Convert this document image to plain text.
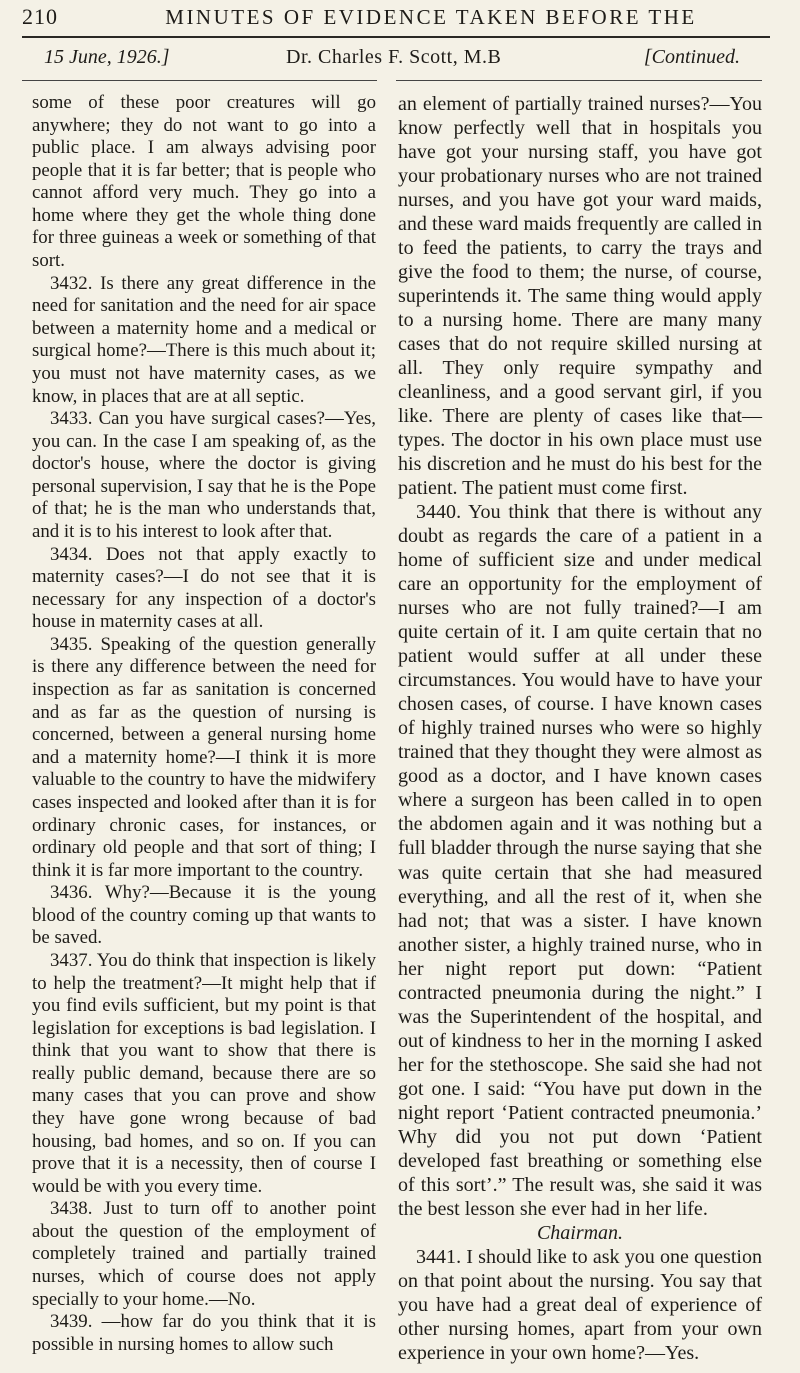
210	MINUTES OF EVIDENCE TAKEN BEFORE THE
15 June, 1926.]	Dr. Charles F. Scott, M.B	[Continued.

some of these poor creatures will go anywhere; they do not want to go into a public place. I am always advising poor people that it is far better; that is people who cannot afford very much. They go into a home where they get the whole thing done for three guineas a week or something of that sort.

3432. Is there any great difference in the need for sanitation and the need for air space between a maternity home and a medical or surgical home?—There is this much about it; you must not have maternity cases, as we know, in places that are at all septic.

3433. Can you have surgical cases?—Yes, you can. In the case I am speaking of, as the doctor's house, where the doctor is giving personal supervision, I say that he is the Pope of that; he is the man who understands that, and it is to his interest to look after that.

3434. Does not that apply exactly to maternity cases?—I do not see that it is necessary for any inspection of a doctor's house in maternity cases at all.

3435. Speaking of the question generally is there any difference between the need for inspection as far as sanitation is concerned and as far as the question of nursing is concerned, between a general nursing home and a maternity home?—I think it is more valuable to the country to have the midwifery cases inspected and looked after than it is for ordinary chronic cases, for instances, or ordinary old people and that sort of thing; I think it is far more important to the country.

3436. Why?—Because it is the young blood of the country coming up that wants to be saved.

3437. You do think that inspection is likely to help the treatment?—It might help that if you find evils sufficient, but my point is that legislation for exceptions is bad legislation. I think that you want to show that there is really public demand, because there are so many cases that you can prove and show they have gone wrong because of bad housing, bad homes, and so on. If you can prove that it is a necessity, then of course I would be with you every time.

3438. Just to turn off to another point about the question of the employment of completely trained and partially trained nurses, which of course does not apply specially to your home.—No.

3439. —how far do you think that it is possible in nursing homes to allow such

an element of partially trained nurses?—You know perfectly well that in hospitals you have got your nursing staff, you have got your probationary nurses who are not trained nurses, and you have got your ward maids, and these ward maids frequently are called in to feed the patients, to carry the trays and give the food to them; the nurse, of course, superintends it. The same thing would apply to a nursing home. There are many many cases that do not require skilled nursing at all. They only require sympathy and cleanliness, and a good servant girl, if you like. There are plenty of cases like that—types. The doctor in his own place must use his discretion and he must do his best for the patient. The patient must come first.

3440. You think that there is without any doubt as regards the care of a patient in a home of sufficient size and under medical care an opportunity for the employment of nurses who are not fully trained?—I am quite certain of it. I am quite certain that no patient would suffer at all under these circumstances. You would have to have your chosen cases, of course. I have known cases of highly trained nurses who were so highly trained that they thought they were almost as good as a doctor, and I have known cases where a surgeon has been called in to open the abdomen again and it was nothing but a full bladder through the nurse saying that she was quite certain that she had measured everything, and all the rest of it, when she had not; that was a sister. I have known another sister, a highly trained nurse, who in her night report put down: “Patient contracted pneumonia during the night.” I was the Superintendent of the hospital, and out of kindness to her in the morning I asked her for the stethoscope. She said she had not got one. I said: “You have put down in the night report ‘Patient contracted pneumonia.’ Why did you not put down ‘Patient developed fast breathing or something else of this sort’.” The result was, she said it was the best lesson she ever had in her life.

Chairman.

3441. I should like to ask you one question on that point about the nursing. You say that you have had a great deal of experience of other nursing homes, apart from your own experience in your own home?—Yes.
